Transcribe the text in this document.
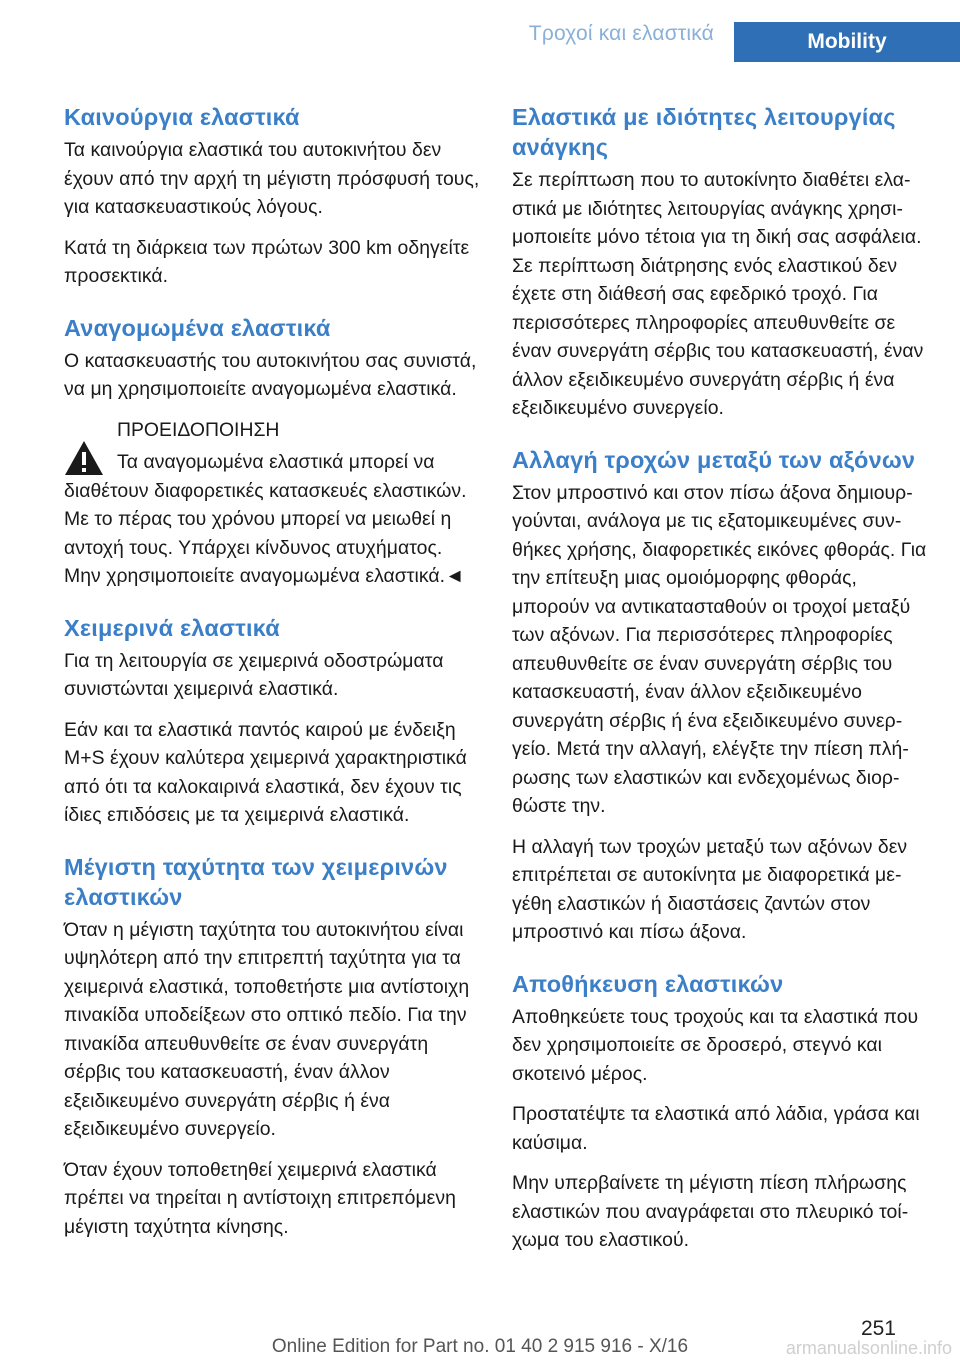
Τροχοί και ελαστικά	Mobility
Καινούργια ελαστικά

Τα καινούργια ελαστικά του αυτοκινήτου δεν έχουν από την αρχή τη μέγιστη πρόσφυσή τους, για κατασκευαστικούς λόγους.

Κατά τη διάρκεια των πρώτων 300 km οδηγείτε προσεκτικά.

Αναγομωμένα ελαστικά

Ο κατασκευαστής του αυτοκινήτου σας συνιστά, να μη χρησιμοποιείτε αναγομωμένα ελαστικά.

ΠΡΟΕΙΔΟΠΟΙΗΣΗ

Τα αναγομωμένα ελαστικά μπορεί να

διαθέτουν διαφορετικές κατασκευές ελαστικών. Με το πέρας του χρόνου μπορεί να μειωθεί η αντοχή τους. Υπάρχει κίνδυνος ατυχήματος. Μην χρησιμοποιείτε αναγομωμένα ελαστικά.◄

Χειμερινά ελαστικά

Για τη λειτουργία σε χειμερινά οδοστρώματα συνιστώνται χειμερινά ελαστικά.

Εάν και τα ελαστικά παντός καιρού με ένδειξη M+S έχουν καλύτερα χειμερινά χαρακτηριστικά από ότι τα καλοκαιρινά ελαστικά, δεν έχουν τις ίδιες επιδόσεις με τα χειμερινά ελαστικά.

Μέγιστη ταχύτητα των χειμερινών ελαστικών

Όταν η μέγιστη ταχύτητα του αυτοκινήτου είναι υψηλότερη από την επιτρεπτή ταχύτητα για τα χειμερινά ελαστικά, τοποθετήστε μια αντίστοιχη πινακίδα υποδείξεων στο οπτικό πεδίο. Για την πινακίδα απευθυνθείτε σε έναν συνεργάτη σέρβις του κατασκευαστή, έναν άλλον εξειδικευμένο συνεργάτη σέρβις ή ένα εξειδικευμένο συνεργείο.

Όταν έχουν τοποθετηθεί χειμερινά ελαστικά πρέπει να τηρείται η αντίστοιχη επιτρεπόμενη μέγιστη ταχύτητα κίνησης.

Ελαστικά με ιδιότητες λειτουργίας ανάγκης

Σε περίπτωση που το αυτοκίνητο διαθέτει ελαστικά με ιδιότητες λειτουργίας ανάγκης χρησιμοποιείτε μόνο τέτοια για τη δική σας ασφάλεια. Σε περίπτωση διάτρησης ενός ελαστικού δεν έχετε στη διάθεσή σας εφεδρικό τροχό. Για περισσότερες πληροφορίες απευθυνθείτε σε έναν συνεργάτη σέρβις του κατασκευαστή, έναν άλλον εξειδικευμένο συνεργάτη σέρβις ή ένα εξειδικευμένο συνεργείο.

Αλλαγή τροχών μεταξύ των αξόνων

Στον μπροστινό και στον πίσω άξονα δημιουργούνται, ανάλογα με τις εξατομικευμένες συνθήκες χρήσης, διαφορετικές εικόνες φθοράς. Για την επίτευξη μιας ομοιόμορφης φθοράς, μπορούν να αντικατασταθούν οι τροχοί μεταξύ των αξόνων. Για περισσότερες πληροφορίες απευθυνθείτε σε έναν συνεργάτη σέρβις του κατασκευαστή, έναν άλλον εξειδικευμένο συνεργάτη σέρβις ή ένα εξειδικευμένο συνεργείο. Μετά την αλλαγή, ελέγξτε την πίεση πλήρωσης των ελαστικών και ενδεχομένως διορθώστε την.

Η αλλαγή των τροχών μεταξύ των αξόνων δεν επιτρέπεται σε αυτοκίνητα με διαφορετικά μεγέθη ελαστικών ή διαστάσεις ζαντών στον μπροστινό και πίσω άξονα.

Αποθήκευση ελαστικών

Αποθηκεύετε τους τροχούς και τα ελαστικά που δεν χρησιμοποιείτε σε δροσερό, στεγνό και σκοτεινό μέρος.

Προστατέψτε τα ελαστικά από λάδια, γράσα και καύσιμα.

Μην υπερβαίνετε τη μέγιστη πίεση πλήρωσης ελαστικών που αναγράφεται στο πλευρικό τοίχωμα του ελαστικού.

251
Online Edition for Part no. 01 40 2 915 916 - X/16	armanualsonline.info
